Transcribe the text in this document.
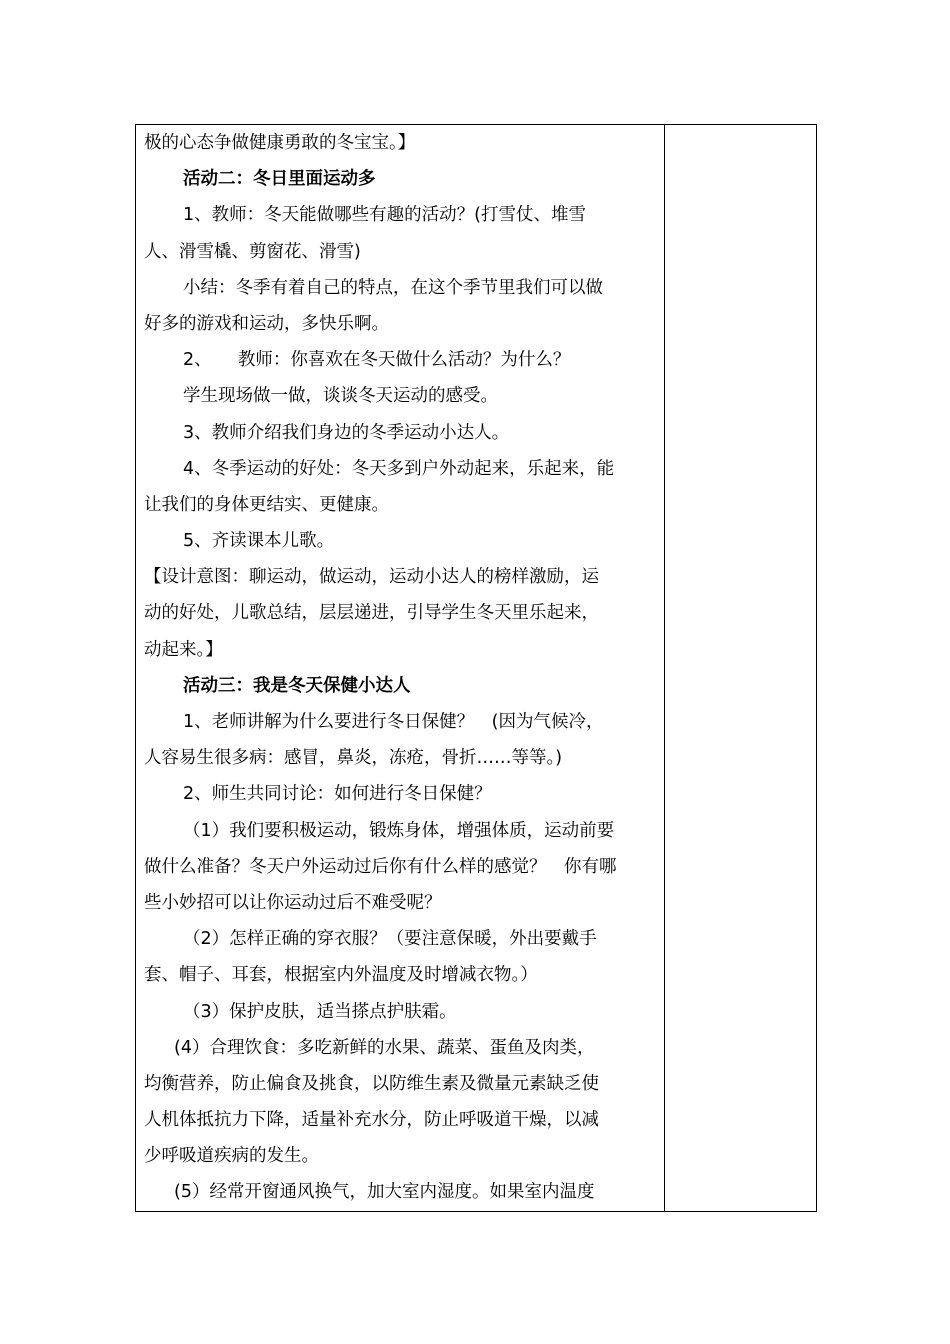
极的心态争做健康勇敢的冬宝宝。】
活动二：冬日里面运动多
1、教师：冬天能做哪些有趣的活动？(打雪仗、堆雪
人、滑雪橇、剪窗花、滑雪)
小结：冬季有着自己的特点，在这个季节里我们可以做
好多的游戏和运动，多快乐啊。
2、　　教师：你喜欢在冬天做什么活动？为什么？
学生现场做一做，谈谈冬天运动的感受。
3、教师介绍我们身边的冬季运动小达人。
4、冬季运动的好处：冬天多到户外动起来，乐起来，能
让我们的身体更结实、更健康。
5、齐读课本儿歌。
【设计意图：聊运动，做运动，运动小达人的榜样激励，运
动的好处，儿歌总结，层层递进，引导学生冬天里乐起来，
动起来。】
活动三：我是冬天保健小达人
1、老师讲解为什么要进行冬日保健？　(因为气候冷，
人容易生很多病：感冒，鼻炎，冻疮，骨折……等等。)
2、师生共同讨论：如何进行冬日保健？
（1）我们要积极运动，锻炼身体，增强体质，运动前要
做什么准备？冬天户外运动过后你有什么样的感觉？　你有哪
些小妙招可以让你运动过后不难受呢？
（2）怎样正确的穿衣服？（要注意保暖，外出要戴手
套、帽子、耳套，根据室内外温度及时增减衣物。）
（3）保护皮肤，适当搽点护肤霜。
(4）合理饮食：多吃新鲜的水果、蔬菜、蛋鱼及肉类，
均衡营养，防止偏食及挑食，以防维生素及微量元素缺乏使
人机体抵抗力下降，适量补充水分，防止呼吸道干燥，以减
少呼吸道疾病的发生。
(5）经常开窗通风换气，加大室内湿度。如果室内温度
